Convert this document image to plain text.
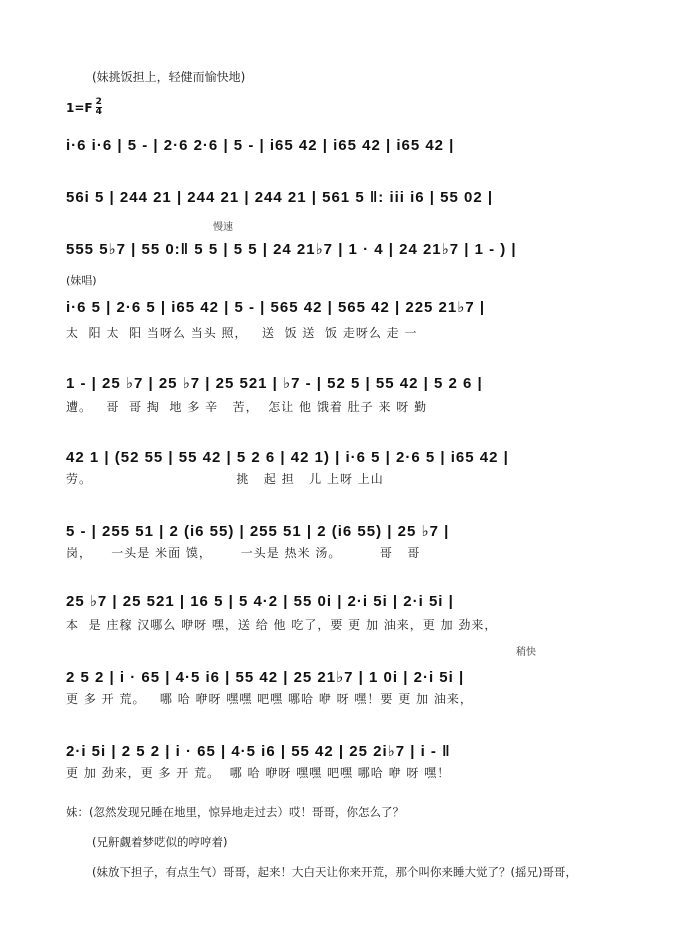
(妹挑饭担上，轻健而愉快地)
$1=F \frac{2}{4}$
慢速
稍快
(妹唱)
i·6 i·6 | 5 - | 2·6 2·6 | 5 - | i65 42 | i65 42 | i65 42 |
56i 5 | 244 21 | 244 21 | 244 21 | 561 5 ‖: iii i6 | 55 02 |
555 5♭7 | 55 0:‖ 5 5 | 5 5 | 24 21♭7 | 1 · 4 | 24 21♭7 | 1 - ) |
i·6 5 | 2·6 5 | i65 42 | 5 - | 565 42 | 565 42 | 225 21♭7 |
太  阳 太  阳 当呀么 当头 照，   送  饭 送  饭 走呀么 走 一
1 - | 25 ♭7 | 25 ♭7 | 25 521 | ♭7 - | 52 5 | 55 42 | 5 2 6 |
遭。   哥  哥 掏  地 多 辛   苦，  怎让 他 饿着 肚子 来 呀 勤
42 1 | (52 55 | 55 42 | 5 2 6 | 42 1) | i·6 5 | 2·6 5 | i65 42 |
劳。                              挑   起 担   儿 上呀 上山
5 - | 255 51 | 2 (i6 55) | 255 51 | 2 (i6 55) | 25 ♭7 |
岗，    一头是 米面 馍，      一头是 热米 汤。        哥   哥
25 ♭7 | 25 521 | 16 5 | 5 4·2 | 55 0i | 2·i 5i | 2·i 5i |
本  是 庄稼 汉哪么 咿呀 嘿，送 给 他 吃了，要 更 加 油来，更 加 劲来，
2 5 2 | i · 65 | 4·5 i6 | 55 42 | 25 21♭7 | 1 0i | 2·i 5i |
更 多 开 荒。   哪 哈 咿呀 嘿嘿 吧嘿 哪哈 咿 呀 嘿！要 更 加 油来，
2·i 5i | 2 5 2 | i · 65 | 4·5 i6 | 55 42 | 25 2i♭7 | i - ‖
更 加 劲来，更 多 开 荒。  哪 哈 咿呀 嘿嘿 吧嘿 哪哈 咿 呀 嘿！
妹：(忽然发现兄睡在地里，惊异地走过去）哎！哥哥，你怎么了？
(兄鼾觑着梦呓似的哼哼着)
(妹放下担子，有点生气）哥哥，起来！大白天让你来开荒，那个叫你来睡大觉了？(摇兄)哥哥，
